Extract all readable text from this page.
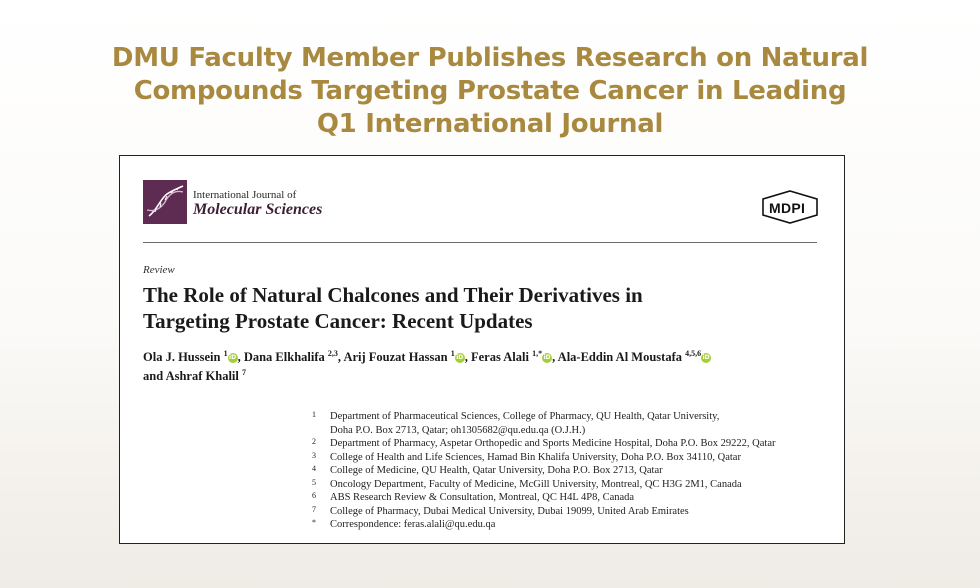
DMU Faculty Member Publishes Research on Natural
Compounds Targeting Prostate Cancer in Leading
Q1 International Journal
International Journal of
Molecular Sciences	MDPI
Review
The Role of Natural Chalcones and Their Derivatives in
Targeting Prostate Cancer: Recent Updates
Ola J. Hussein $^1$iD, Dana Elkhalifa $^{2,3}$, Arij Fouzat Hassan $^1$iD, Feras Alali $^{1,*}$iD, Ala-Eddin Al Moustafa $^{4,5,6}$iD
and Ashraf Khalil $^7$
1 Department of Pharmaceutical Sciences, College of Pharmacy, QU Health, Qatar University,
Doha P.O. Box 2713, Qatar; oh1305682@qu.edu.qa (O.J.H.)
2 Department of Pharmacy, Aspetar Orthopedic and Sports Medicine Hospital, Doha P.O. Box 29222, Qatar
3 College of Health and Life Sciences, Hamad Bin Khalifa University, Doha P.O. Box 34110, Qatar
4 College of Medicine, QU Health, Qatar University, Doha P.O. Box 2713, Qatar
5 Oncology Department, Faculty of Medicine, McGill University, Montreal, QC H3G 2M1, Canada
6 ABS Research Review & Consultation, Montreal, QC H4L 4P8, Canada
7 College of Pharmacy, Dubai Medical University, Dubai 19099, United Arab Emirates
* Correspondence: feras.alali@qu.edu.qa
